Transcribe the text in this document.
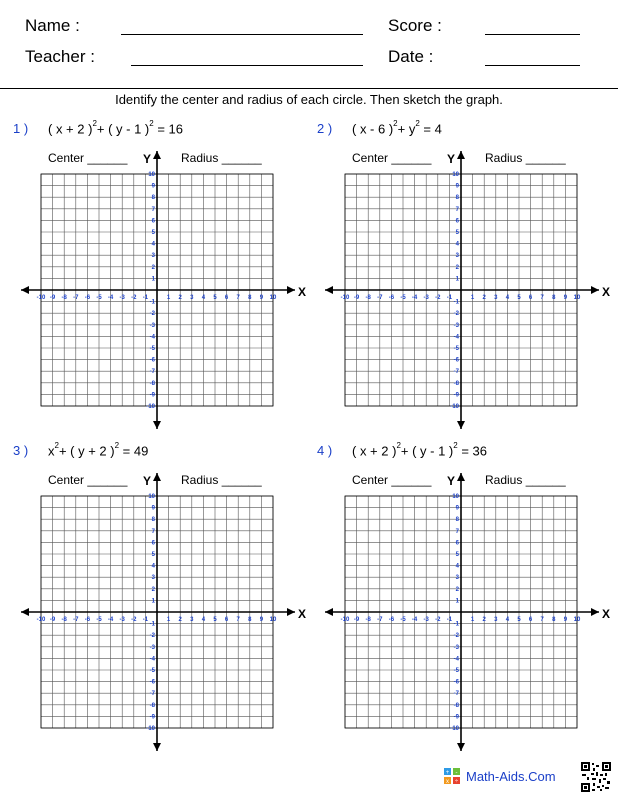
Name :	Score :
Teacher :	Date :
Identify the center and radius of each circle. Then sketch the graph.
1 ) ( x + 2 )$^2$+ ( y - 1 )$^2$ = 16
Center ______	Radius ______
X
Y
-10
-10
-9
-9
-8
-8
-7
-7
-6
-6
-5
-5
-4
-4
-3
-3
-2
-2
-1
-1
1
1
2
2
3
3
4
4
5
5
6
6
7
7
8
8
9
9
10
10
2 ) ( x - 6 )$^2+ y^2 = 4$
Center ______	Radius ______
X
Y
-10
-10
-9
-9
-8
-8
-7
-7
-6
-6
-5
-5
-4
-4
-3
-3
-2
-2
-1
-1
1
1
2
2
3
3
4
4
5
5
6
6
7
7
8
8
9
9
10
10
3 ) $x^2+$ ( y + 2 )$^2$ = 49
Center ______	Radius ______
X
Y
-10
-10
-9
-9
-8
-8
-7
-7
-6
-6
-5
-5
-4
-4
-3
-3
-2
-2
-1
-1
1
1
2
2
3
3
4
4
5
5
6
6
7
7
8
8
9
9
10
10
4 ) ( x + 2 )$^2$+ ( y - 1 )$^2$ = 36
Center ______	Radius ______
X
Y
-10
-10
-9
-9
-8
-8
-7
-7
-6
-6
-5
-5
-4
-4
-3
-3
-2
-2
-1
-1
1
1
2
2
3
3
4
4
5
5
6
6
7
7
8
8
9
9
10
10
+ -
x ÷ Math-Aids.Com
